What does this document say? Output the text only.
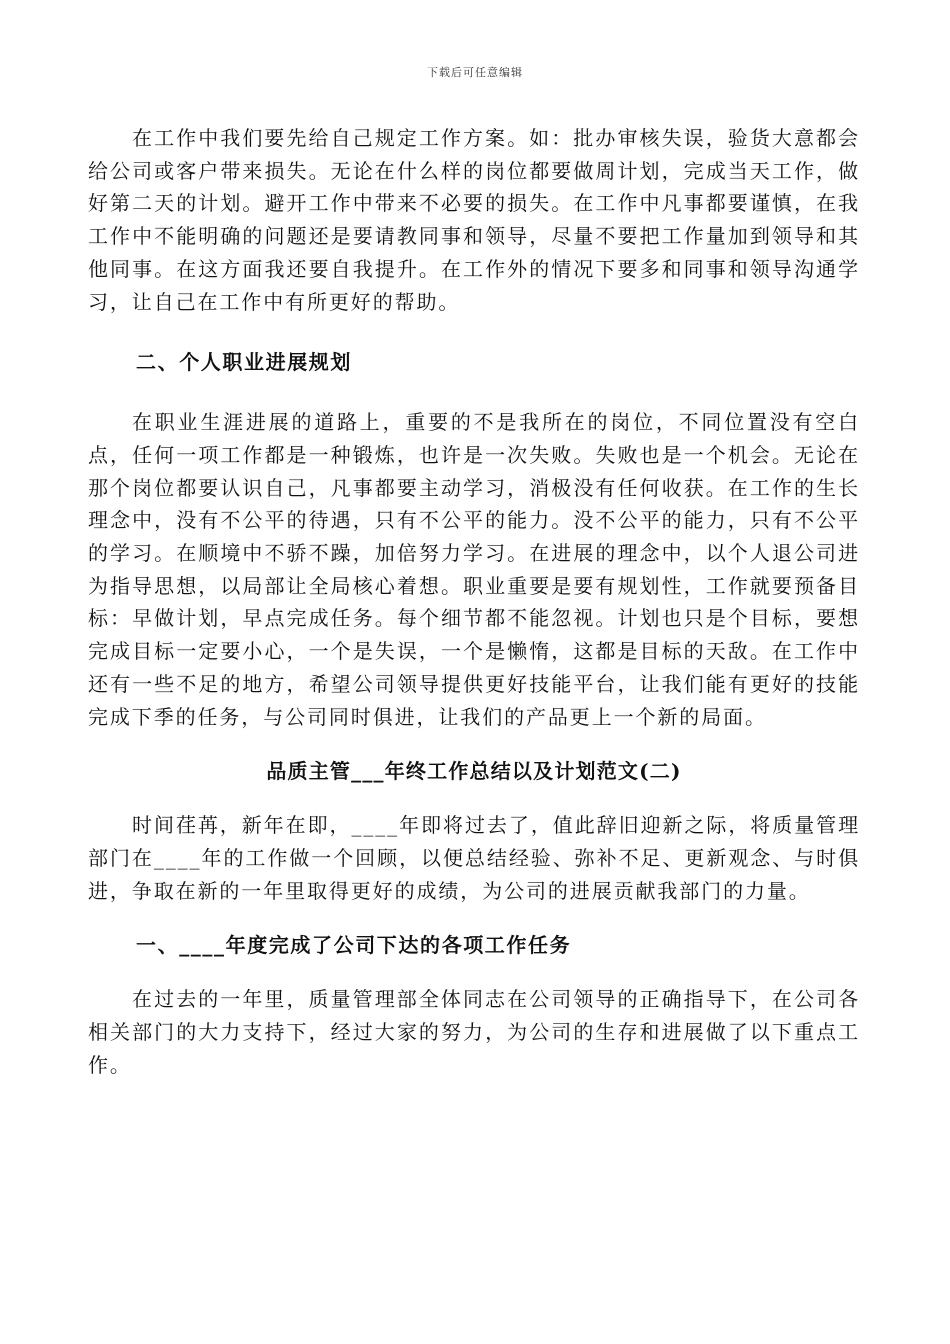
下载后可任意编辑

在工作中我们要先给自己规定工作方案。如：批办审核失误，验货大意都会给公司或客户带来损失。无论在什么样的岗位都要做周计划，完成当天工作，做好第二天的计划。避开工作中带来不必要的损失。在工作中凡事都要谨慎，在我工作中不能明确的问题还是要请教同事和领导，尽量不要把工作量加到领导和其他同事。在这方面我还要自我提升。在工作外的情况下要多和同事和领导沟通学习，让自己在工作中有所更好的帮助。

二、个人职业进展规划

在职业生涯进展的道路上，重要的不是我所在的岗位，不同位置没有空白点，任何一项工作都是一种锻炼，也许是一次失败。失败也是一个机会。无论在那个岗位都要认识自己，凡事都要主动学习，消极没有任何收获。在工作的生长理念中，没有不公平的待遇，只有不公平的能力。没不公平的能力，只有不公平的学习。在顺境中不骄不躁，加倍努力学习。在进展的理念中，以个人退公司进为指导思想，以局部让全局核心着想。职业重要是要有规划性，工作就要预备目标：早做计划，早点完成任务。每个细节都不能忽视。计划也只是个目标，要想完成目标一定要小心，一个是失误，一个是懒惰，这都是目标的天敌。在工作中还有一些不足的地方，希望公司领导提供更好技能平台，让我们能有更好的技能完成下季的任务，与公司同时俱进，让我们的产品更上一个新的局面。

品质主管___年终工作总结以及计划范文(二)

时间荏苒，新年在即，____年即将过去了，值此辞旧迎新之际，将质量管理部门在____年的工作做一个回顾，以便总结经验、弥补不足、更新观念、与时俱进，争取在新的一年里取得更好的成绩，为公司的进展贡献我部门的力量。

一、____年度完成了公司下达的各项工作任务

在过去的一年里，质量管理部全体同志在公司领导的正确指导下，在公司各相关部门的大力支持下，经过大家的努力，为公司的生存和进展做了以下重点工作。
